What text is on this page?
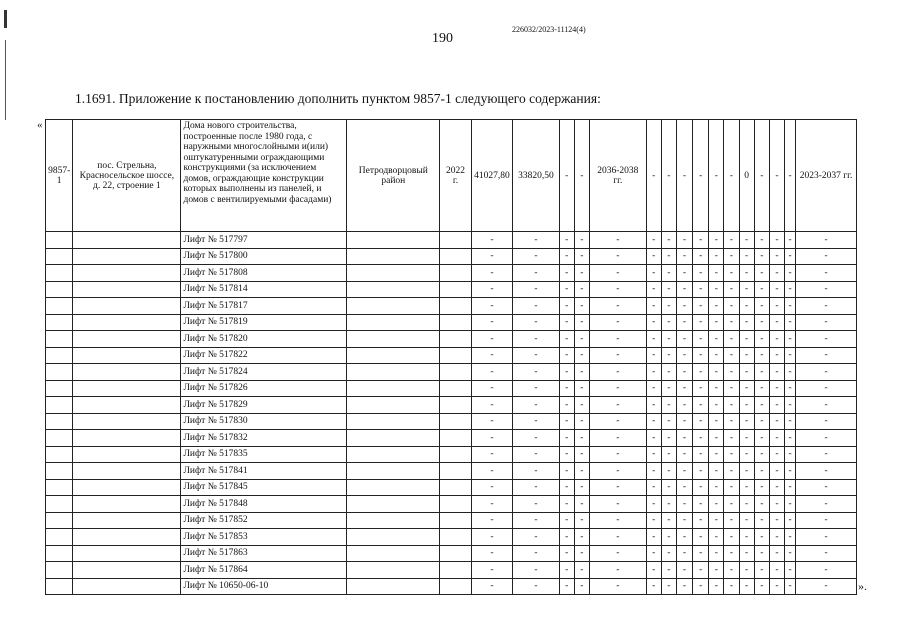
190
226032/2023-11124(4)
1.1691. Приложение к постановлению дополнить пунктом 9857-1 следующего содержания:
«
».
9857-1	пос. Стрельна, Красносельское шоссе, д. 22, строение 1	Дома нового строительства, построенные после 1980 года, с наружными многослойными и(или) оштукатуренными ограждающими конструкциями (за исключением домов, ограждающие конструкции которых выполнены из панелей, и домов с вентилируемыми фасадами)	Петродворцовый район	2022 г.	41027,80	33820,50	-	-	2036-2038 гг.	-	-	-	-	-	-	0	-	-	-	2023-2037 гг.
		Лифт № 517797			-	-	-	-	-	-	-	-	-	-	-	-	-	-	-	-
		Лифт № 517800			-	-	-	-	-	-	-	-	-	-	-	-	-	-	-	-
		Лифт № 517808			-	-	-	-	-	-	-	-	-	-	-	-	-	-	-	-
		Лифт № 517814			-	-	-	-	-	-	-	-	-	-	-	-	-	-	-	-
		Лифт № 517817			-	-	-	-	-	-	-	-	-	-	-	-	-	-	-	-
		Лифт № 517819			-	-	-	-	-	-	-	-	-	-	-	-	-	-	-	-
		Лифт № 517820			-	-	-	-	-	-	-	-	-	-	-	-	-	-	-	-
		Лифт № 517822			-	-	-	-	-	-	-	-	-	-	-	-	-	-	-	-
		Лифт № 517824			-	-	-	-	-	-	-	-	-	-	-	-	-	-	-	-
		Лифт № 517826			-	-	-	-	-	-	-	-	-	-	-	-	-	-	-	-
		Лифт № 517829			-	-	-	-	-	-	-	-	-	-	-	-	-	-	-	-
		Лифт № 517830			-	-	-	-	-	-	-	-	-	-	-	-	-	-	-	-
		Лифт № 517832			-	-	-	-	-	-	-	-	-	-	-	-	-	-	-	-
		Лифт № 517835			-	-	-	-	-	-	-	-	-	-	-	-	-	-	-	-
		Лифт № 517841			-	-	-	-	-	-	-	-	-	-	-	-	-	-	-	-
		Лифт № 517845			-	-	-	-	-	-	-	-	-	-	-	-	-	-	-	-
		Лифт № 517848			-	-	-	-	-	-	-	-	-	-	-	-	-	-	-	-
		Лифт № 517852			-	-	-	-	-	-	-	-	-	-	-	-	-	-	-	-
		Лифт № 517853			-	-	-	-	-	-	-	-	-	-	-	-	-	-	-	-
		Лифт № 517863			-	-	-	-	-	-	-	-	-	-	-	-	-	-	-	-
		Лифт № 517864			-	-	-	-	-	-	-	-	-	-	-	-	-	-	-	-
		Лифт № 10650-06-10			-	-	-	-	-	-	-	-	-	-	-	-	-	-	-	-
